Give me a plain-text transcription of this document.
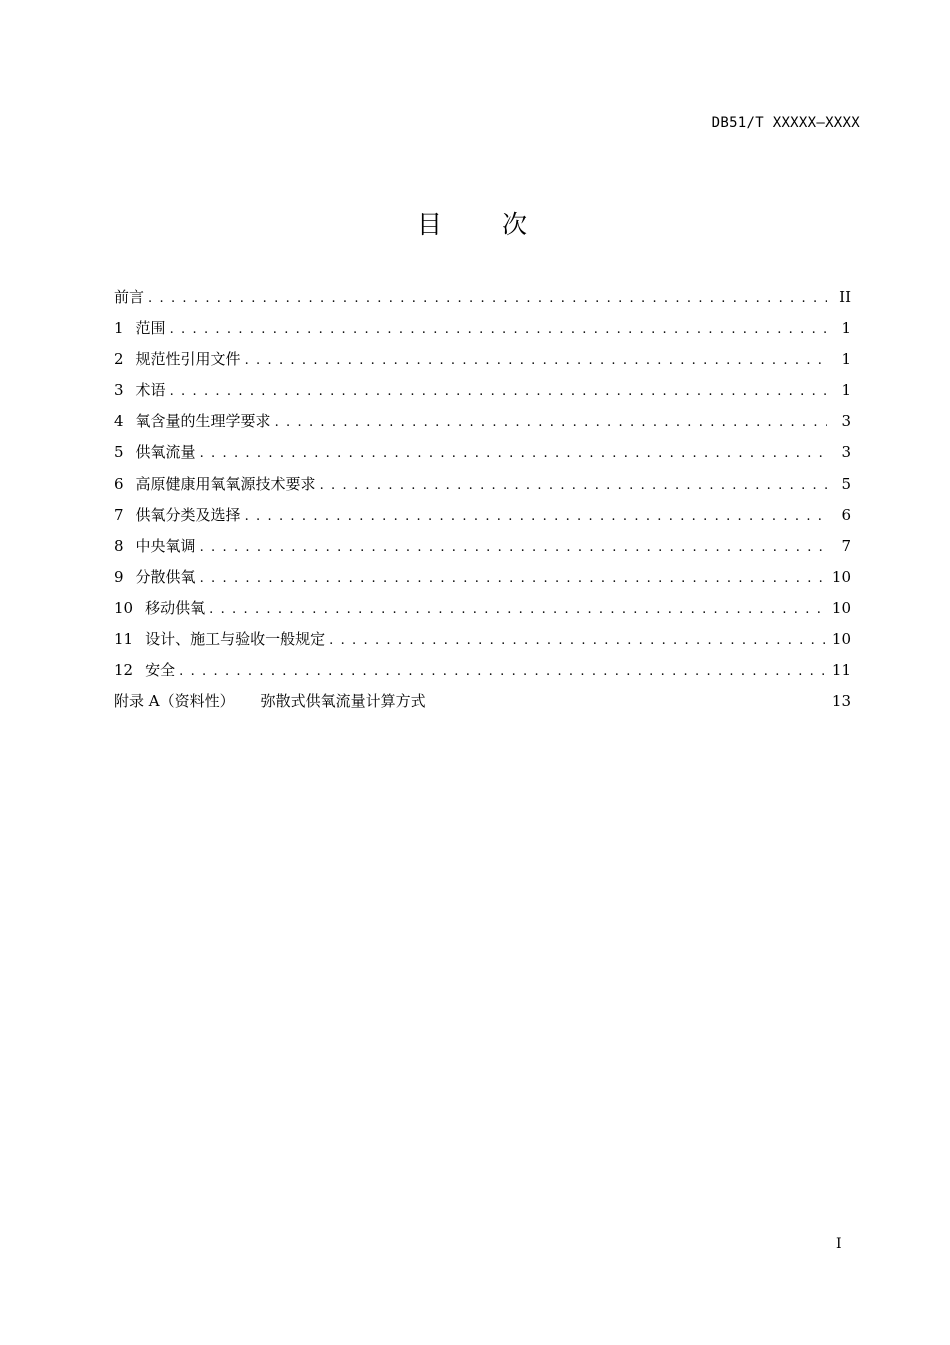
DB51/T XXXXX—XXXX
目 次
前言 . . .	II
1 范围 . . .	1
2 规范性引用文件 . . .	1
3 术语 . . .	1
4 氧含量的生理学要求 . . .	3
5 供氧流量 . . .	3
6 高原健康用氧氧源技术要求 . . .	5
7 供氧分类及选择 . . .	6
8 中央氧调 . . .	7
9 分散供氧 . . .	10
10 移动供氧 . . .	10
11 设计、施工与验收一般规定 . . .	10
12 安全 . . .	11
附录 A（资料性） 弥散式供氧流量计算方式	13
I
